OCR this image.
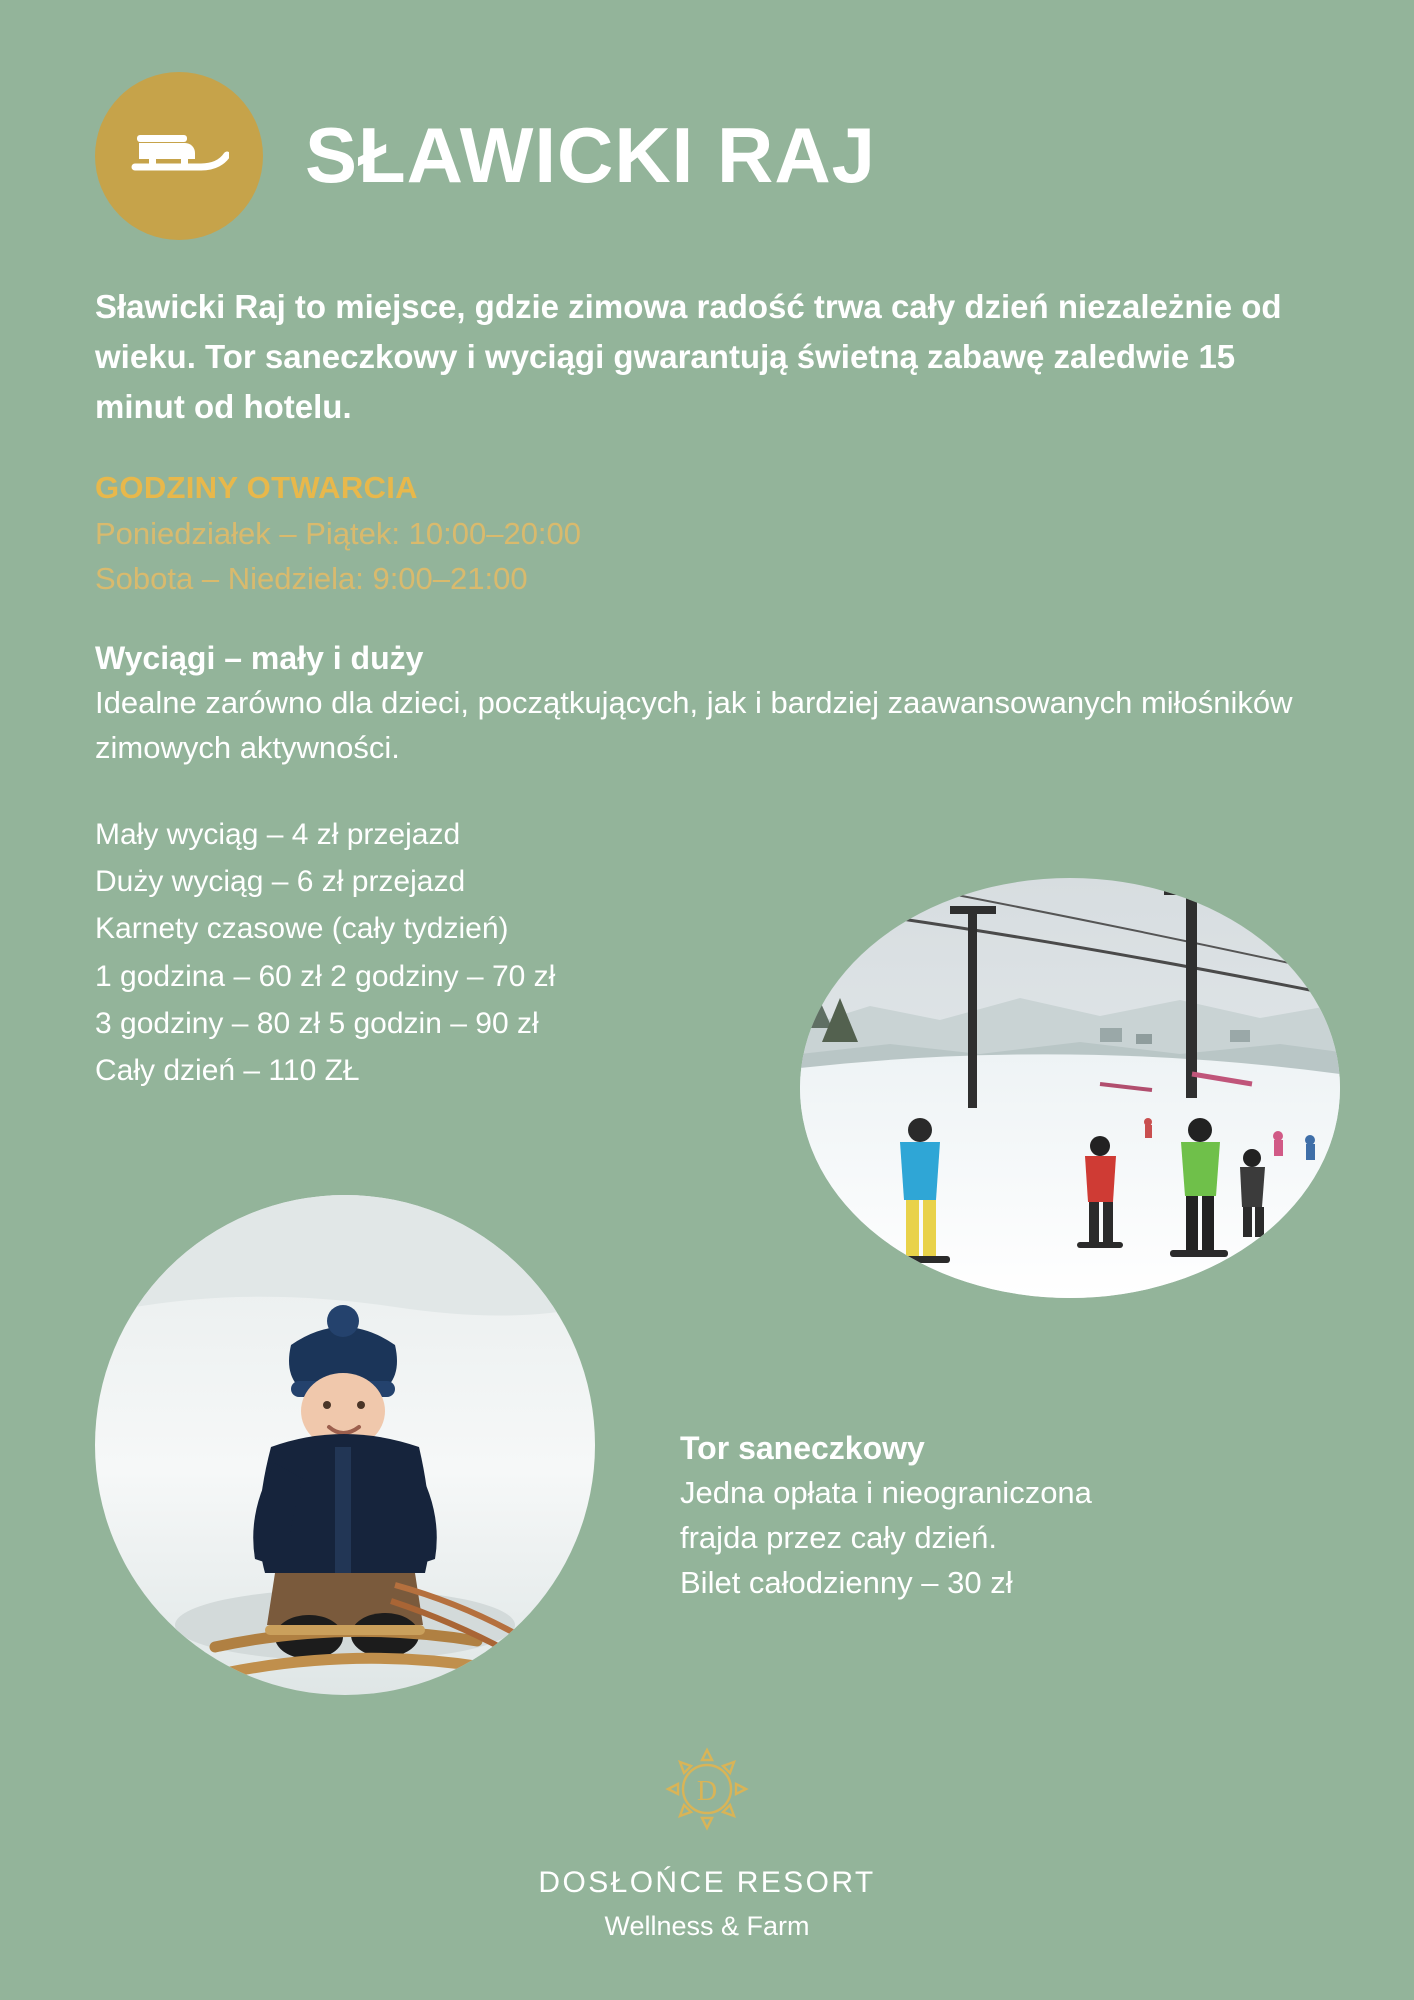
SŁAWICKI RAJ

Sławicki Raj to miejsce, gdzie zimowa radość trwa cały dzień niezależnie od wieku. Tor saneczkowy i wyciągi gwarantują świetną zabawę zaledwie 15 minut od hotelu.

GODZINY OTWARCIA
Poniedziałek – Piątek: 10:00–20:00
Sobota – Niedziela: 9:00–21:00
Wyciągi – mały i duży
Idealne zarówno dla dzieci, początkujących, jak i bardziej zaawansowanych miłośników zimowych aktywności.
Mały wyciąg – 4 zł przejazd
Duży wyciąg – 6 zł przejazd
Karnety czasowe (cały tydzień)
1 godzina – 60 zł 2 godziny – 70 zł
3 godziny – 80 zł 5 godzin – 90 zł
Cały dzień – 110 ZŁ
Tor saneczkowy
Jedna opłata i nieograniczona
frajda przez cały dzień.
Bilet całodzienny – 30 zł
D
DOSŁOŃCE RESORT
Wellness & Farm
